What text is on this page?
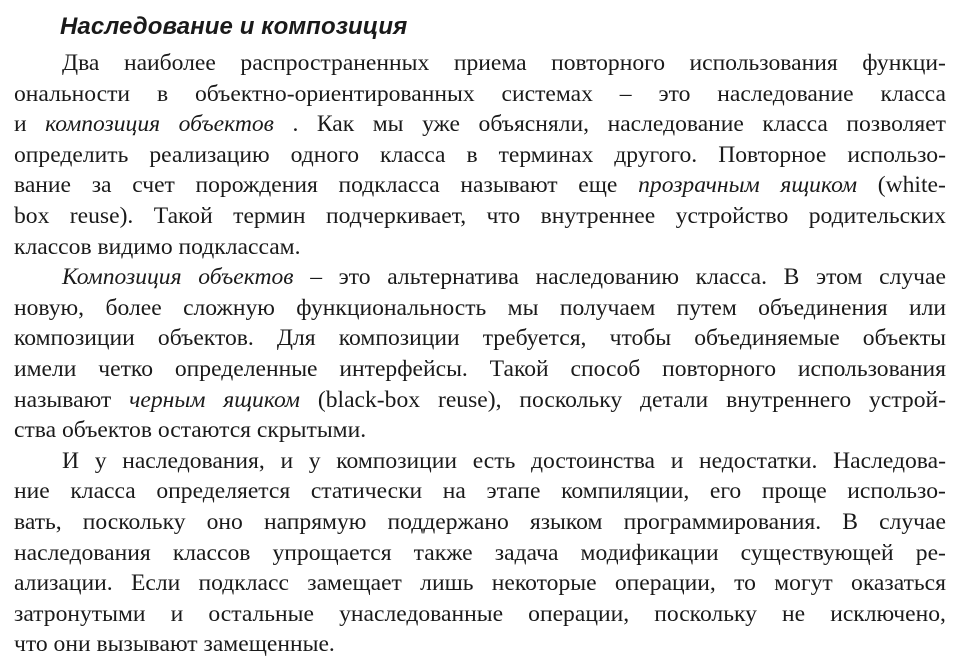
Наследование и композиция
Два наиболее распространенных приема повторного использования функци-
ональности в объектно-ориентированных системах – это наследование класса
и композиция объектов . Как мы уже объясняли, наследование класса позволяет
определить реализацию одного класса в терминах другого. Повторное использо-
вание за счет порождения подкласса называют еще прозрачным ящиком (white-
box reuse). Такой термин подчеркивает, что внутреннее устройство родительских
классов видимо подклассам.
Композиция объектов – это альтернатива наследованию класса. В этом случае
новую, более сложную функциональность мы получаем путем объединения или
композиции объектов. Для композиции требуется, чтобы объединяемые объекты
имели четко определенные интерфейсы. Такой способ повторного использования
называют черным ящиком (black-box reuse), поскольку детали внутреннего устрой-
ства объектов остаются скрытыми.
И у наследования, и у композиции есть достоинства и недостатки. Наследова-
ние класса определяется статически на этапе компиляции, его проще использо-
вать, поскольку оно напрямую поддержано языком программирования. В случае
наследования классов упрощается также задача модификации существующей ре-
ализации. Если подкласс замещает лишь некоторые операции, то могут оказаться
затронутыми и остальные унаследованные операции, поскольку не исключено,
что они вызывают замещенные.
